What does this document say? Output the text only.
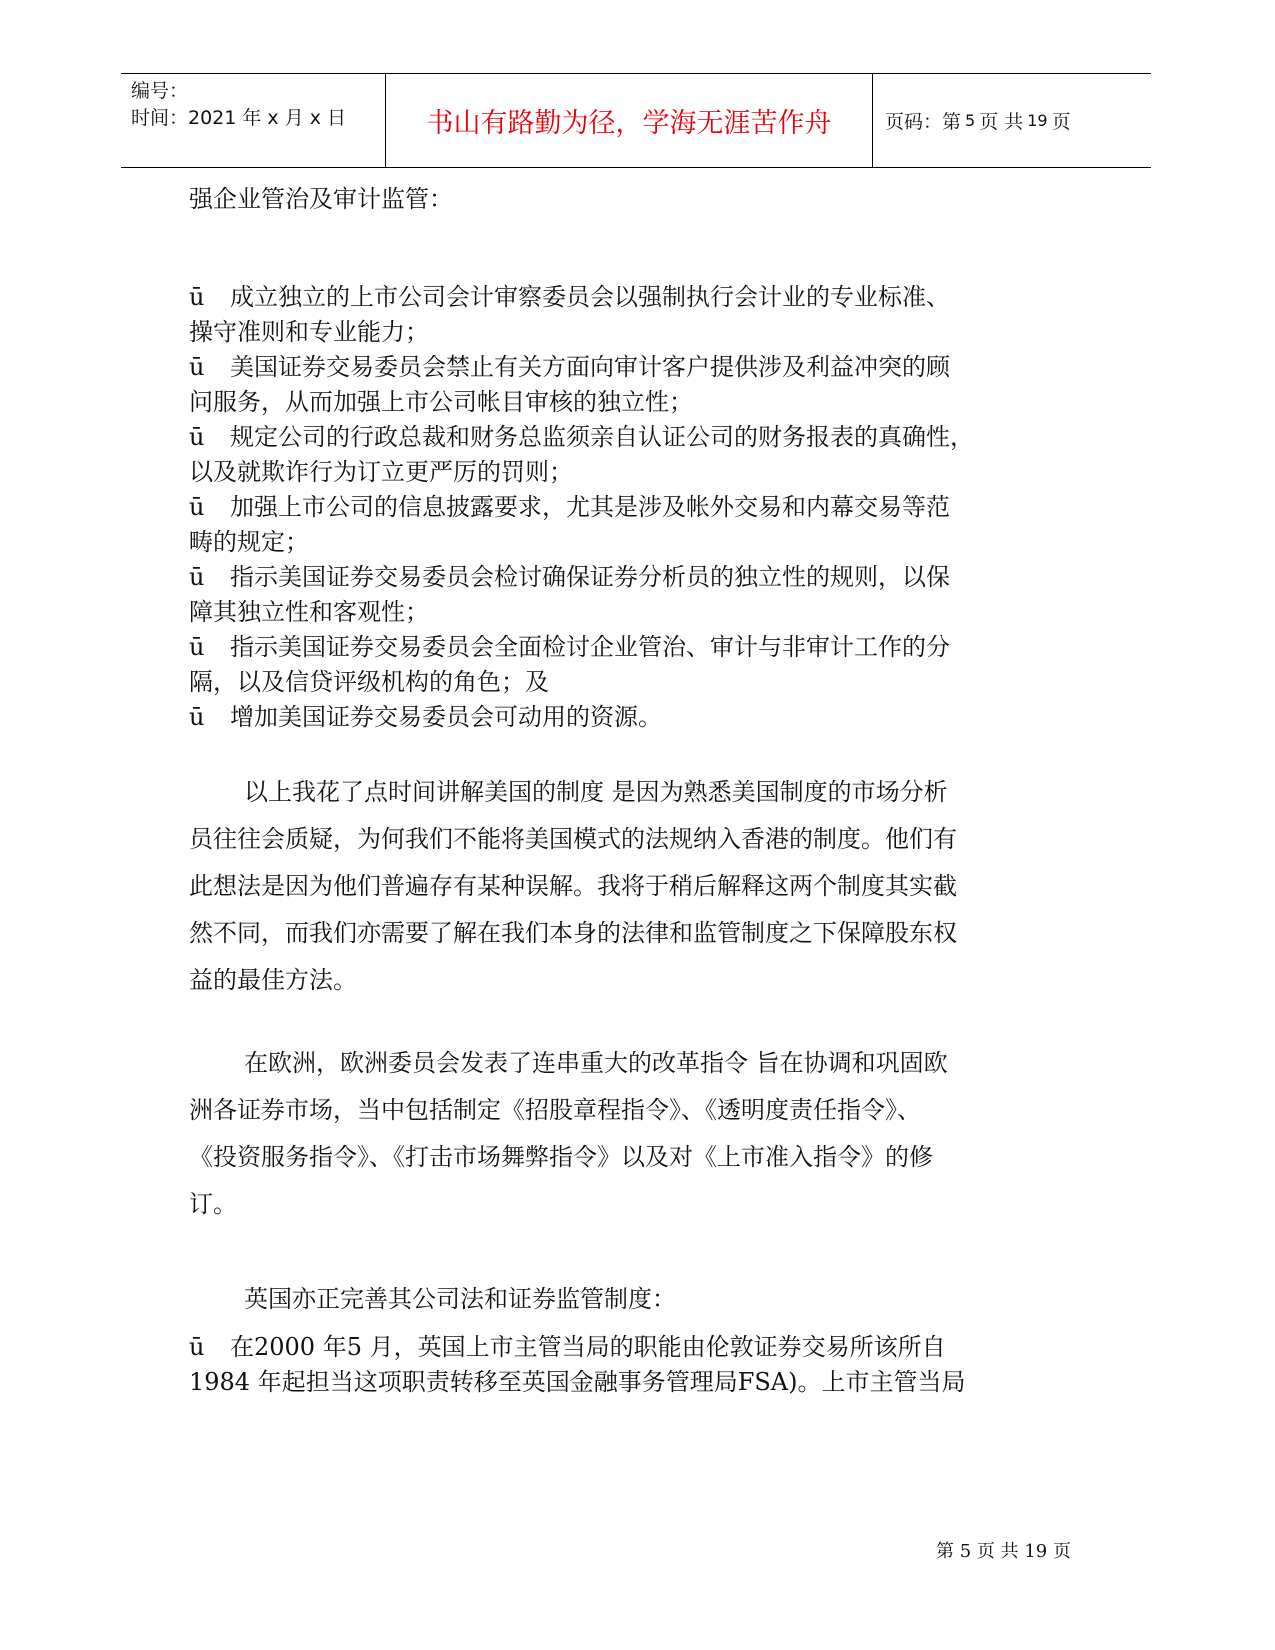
编号：
时间：2021 年 x 月 x 日	书山有路勤为径，学海无涯苦作舟	页码：第 5 页 共 19 页
强企业管治及审计监管：
ū 成立独立的上市公司会计审察委员会以强制执行会计业的专业标准、
操守准则和专业能力；
ū 美国证券交易委员会禁止有关方面向审计客户提供涉及利益冲突的顾
问服务，从而加强上市公司帐目审核的独立性；
ū 规定公司的行政总裁和财务总监须亲自认证公司的财务报表的真确性，
以及就欺诈行为订立更严厉的罚则；
ū 加强上市公司的信息披露要求，尤其是涉及帐外交易和内幕交易等范
畴的规定；
ū 指示美国证券交易委员会检讨确保证券分析员的独立性的规则，以保
障其独立性和客观性；
ū 指示美国证券交易委员会全面检讨企业管治、审计与非审计工作的分
隔，以及信贷评级机构的角色；及
ū 增加美国证券交易委员会可动用的资源。
以上我花了点时间讲解美国的制度 是因为熟悉美国制度的市场分析
员往往会质疑，为何我们不能将美国模式的法规纳入香港的制度。他们有
此想法是因为他们普遍存有某种误解。我将于稍后解释这两个制度其实截
然不同，而我们亦需要了解在我们本身的法律和监管制度之下保障股东权
益的最佳方法。
在欧洲，欧洲委员会发表了连串重大的改革指令 旨在协调和巩固欧
洲各证券市场，当中包括制定《招股章程指令》、《透明度责任指令》、
《投资服务指令》、《打击市场舞弊指令》以及对《上市准入指令》的修
订。
英国亦正完善其公司法和证券监管制度：
ū 在2000 年5 月，英国上市主管当局的职能由伦敦证券交易所该所自
1984 年起担当这项职责转移至英国金融事务管理局FSA)。上市主管当局
第 5 页 共 19 页
